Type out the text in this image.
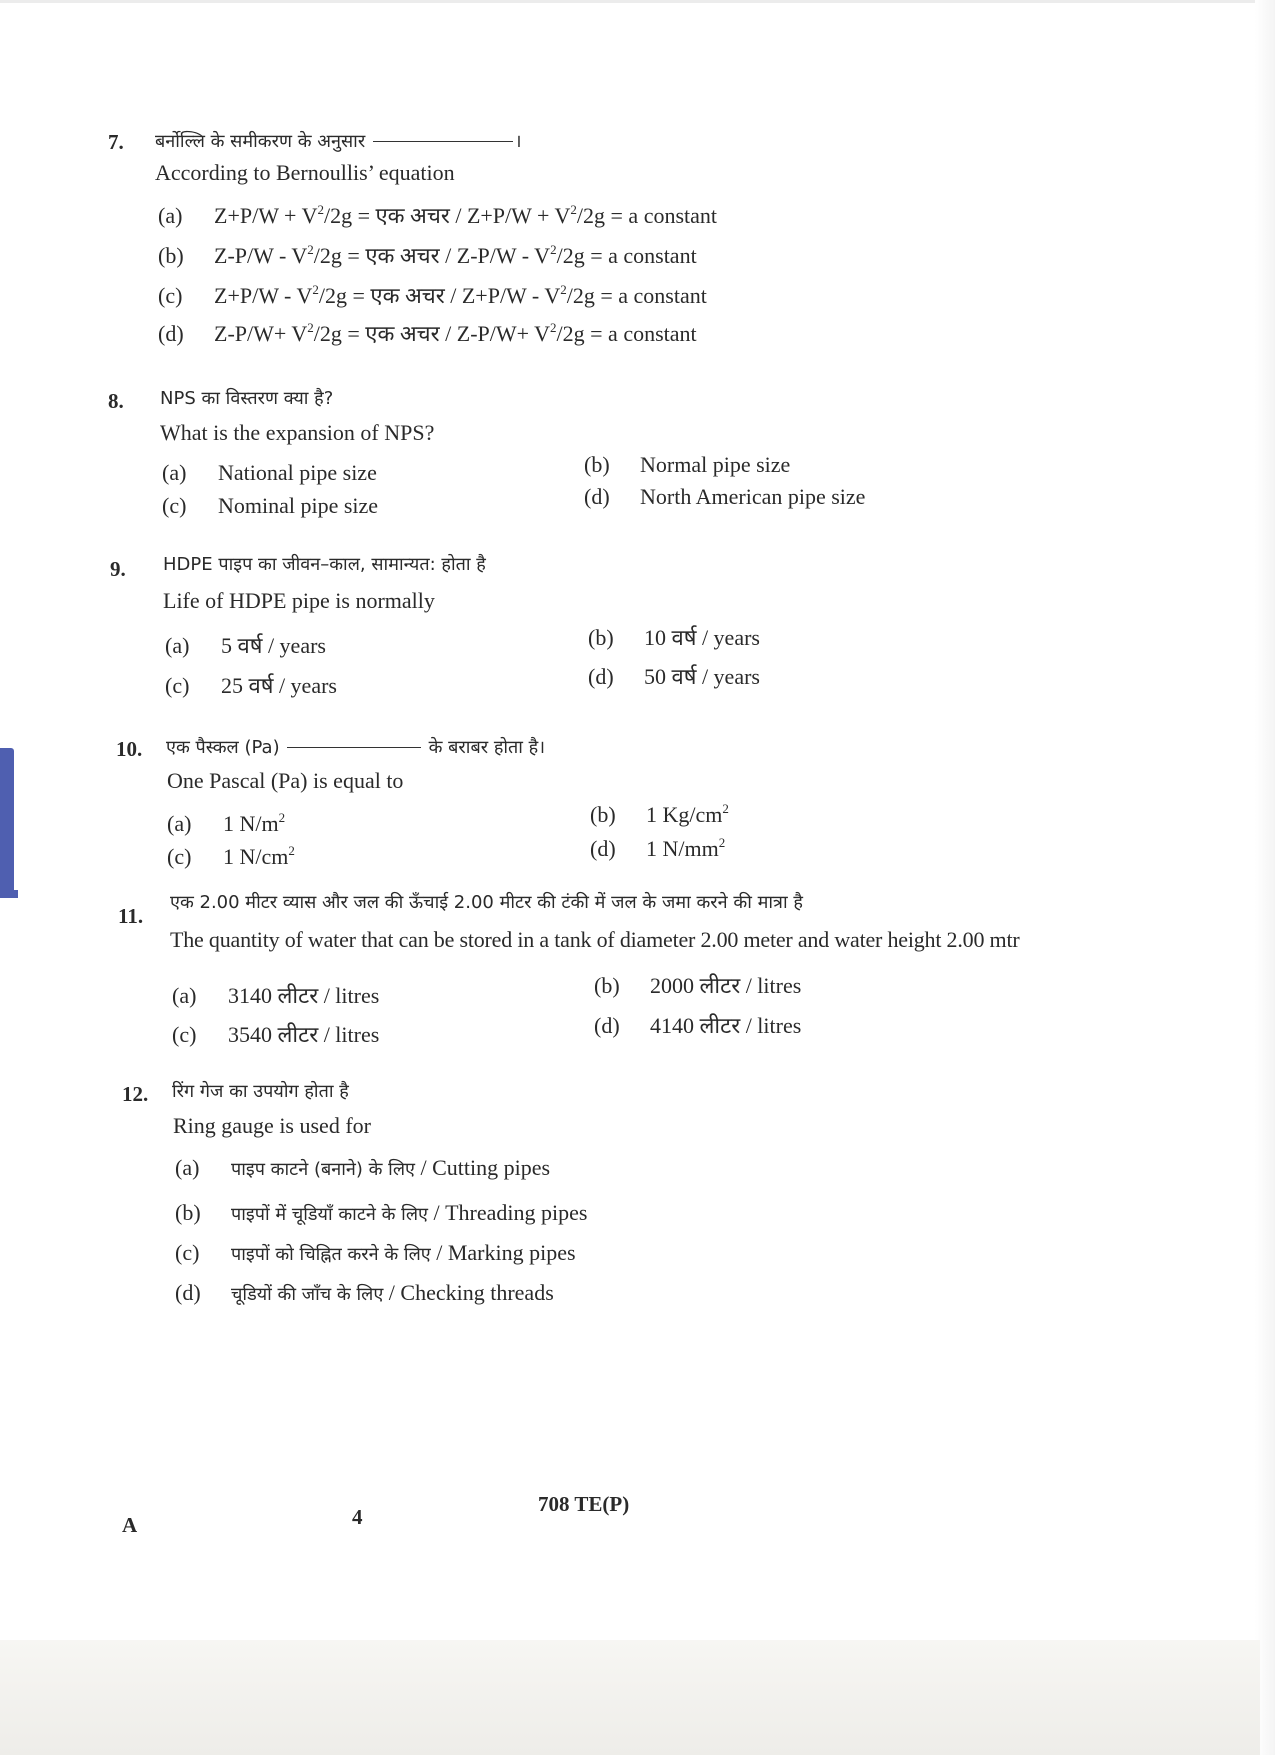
7. बर्नोल्लि के समीकरण के अनुसार	।
According to Bernoullis’ equation
(a) $Z+P/W + V^2/2g$ = एक अचर / $Z+P/W + V^2/2g = a$ constant
(b) $Z-P/W - V^2/2g$ = एक अचर / $Z-P/W - V^2/2g = a$ constant
(c) $Z+P/W - V^2/2g$ = एक अचर / $Z+P/W - V^2/2g = a$ constant
(d) $Z-P/W+ V^2/2g$ = एक अचर / $Z-P/W+ V^2/2g = a$ constant
8. NPS का विस्तरण क्या है?
What is the expansion of NPS?
(a) National pipe size	(b) Normal pipe size
(c) Nominal pipe size	(d) North American pipe size
9. HDPE पाइप का जीवन–काल, सामान्यत: होता है
Life of HDPE pipe is normally
(a) 5 वर्ष / years	(b) 10 वर्ष / years
(c) 25 वर्ष / years	(d) 50 वर्ष / years
10. एक पैस्कल (Pa)	के बराबर होता है।
One Pascal (Pa) is equal to
(a) 1 $N/m^2$	(b) 1 $Kg/cm^2$
(c) 1 $N/cm^2$	(d) 1 $N/mm^2$
11.
एक 2.00 मीटर व्यास और जल की ऊँचाई 2.00 मीटर की टंकी में जल के जमा करने की मात्रा है
The quantity of water that can be stored in a tank of diameter 2.00 meter and water height 2.00 mtr
(a) 3140 लीटर / litres	(b) 2000 लीटर / litres
(c) 3540 लीटर / litres	(d) 4140 लीटर / litres
12. रिंग गेज का उपयोग होता है
Ring gauge is used for
(a) पाइप काटने (बनाने) के लिए / Cutting pipes
(b) पाइपों में चूडियाँ काटने के लिए / Threading pipes
(c) पाइपों को चिह्नित करने के लिए / Marking pipes
(d) चूडियों की जाँच के लिए / Checking threads
A	4
708 TE(P)
